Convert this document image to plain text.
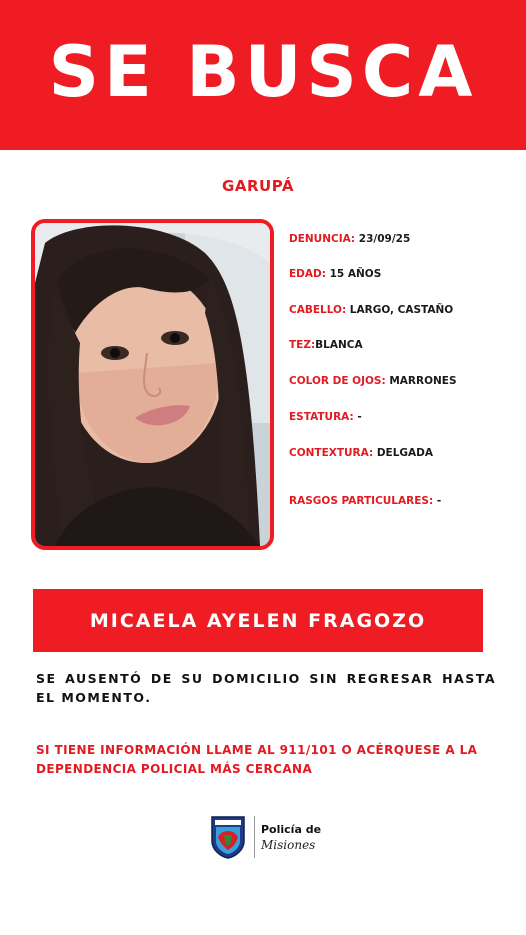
SE BUSCA
GARUPÁ
DENUNCIA: 23/09/25
EDAD: 15 AÑOS
CABELLO: LARGO, CASTAÑO
TEZ:BLANCA
COLOR DE OJOS: MARRONES
ESTATURA: -
CONTEXTURA: DELGADA
RASGOS PARTICULARES: -
MICAELA AYELEN FRAGOZO
SE AUSENTÓ DE SU DOMICILIO SIN REGRESAR HASTA EL MOMENTO.
SI TIENE INFORMACIÓN LLAME AL 911/101 O ACÉRQUESE A LA DEPENDENCIA POLICIAL MÁS CERCANA
Policía de
Misiones
